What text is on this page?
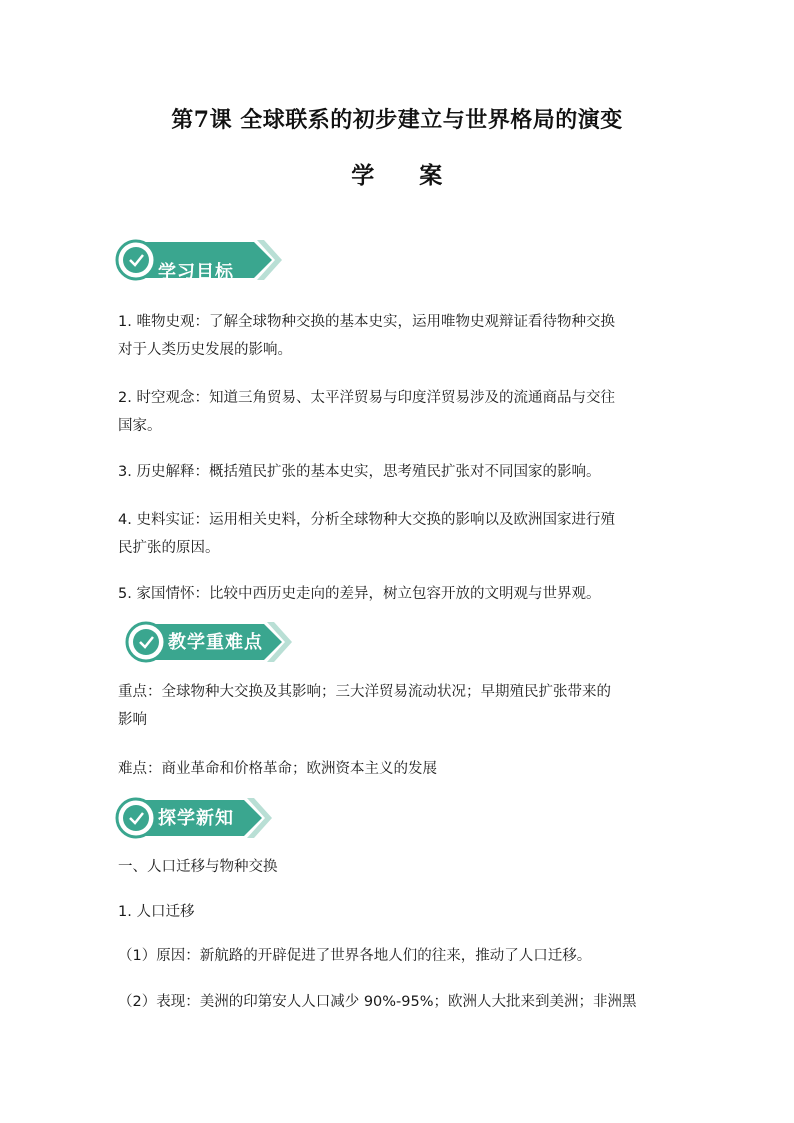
第7课 全球联系的初步建立与世界格局的演变
学 案
学习目标
1. 唯物史观：了解全球物种交换的基本史实，运用唯物史观辩证看待物种交换
对于人类历史发展的影响。
2. 时空观念：知道三角贸易、太平洋贸易与印度洋贸易涉及的流通商品与交往
国家。
3. 历史解释：概括殖民扩张的基本史实，思考殖民扩张对不同国家的影响。
4. 史料实证：运用相关史料，分析全球物种大交换的影响以及欧洲国家进行殖
民扩张的原因。
5. 家国情怀：比较中西历史走向的差异，树立包容开放的文明观与世界观。
教学重难点
重点：全球物种大交换及其影响；三大洋贸易流动状况；早期殖民扩张带来的
影响
难点：商业革命和价格革命；欧洲资本主义的发展
探学新知
一、人口迁移与物种交换
1. 人口迁移
（1）原因：新航路的开辟促进了世界各地人们的往来，推动了人口迁移。
（2）表现：美洲的印第安人人口减少 90%-95%；欧洲人大批来到美洲；非洲黑
